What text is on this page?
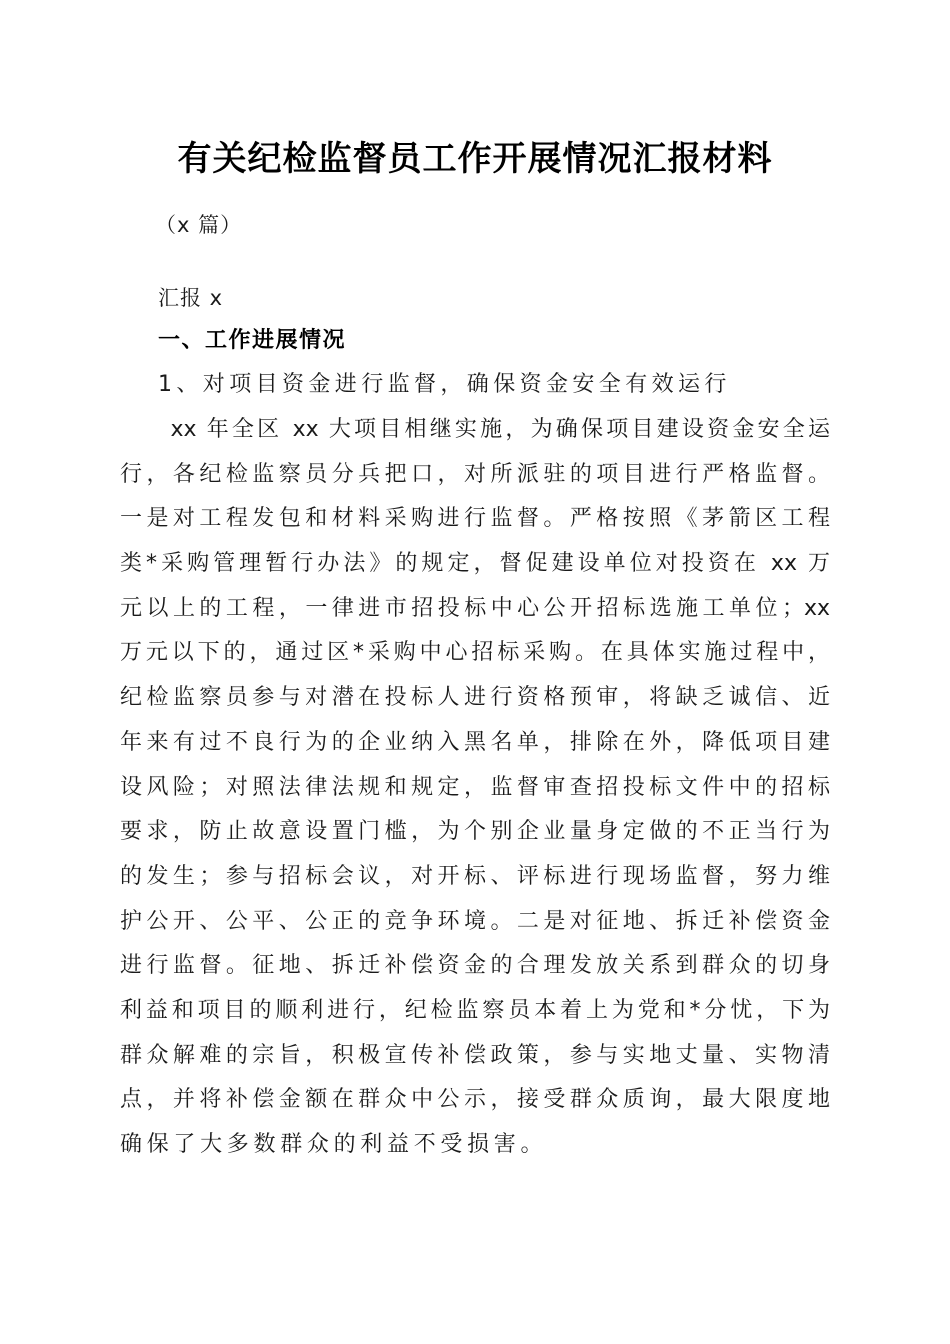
有关纪检监督员工作开展情况汇报材料
（x 篇）
汇报 x
一、工作进展情况
1、对项目资金进行监督，确保资金安全有效运行
　　xx 年全区 xx 大项目相继实施，为确保项目建设资金安全运
行，各纪检监察员分兵把口，对所派驻的项目进行严格监督。
一是对工程发包和材料采购进行监督。严格按照《茅箭区工程
类*采购管理暂行办法》的规定，督促建设单位对投资在 xx 万
元以上的工程，一律进市招投标中心公开招标选施工单位；xx
万元以下的，通过区*采购中心招标采购。在具体实施过程中，
纪检监察员参与对潜在投标人进行资格预审，将缺乏诚信、近
年来有过不良行为的企业纳入黑名单，排除在外，降低项目建
设风险；对照法律法规和规定，监督审查招投标文件中的招标
要求，防止故意设置门槛，为个别企业量身定做的不正当行为
的发生；参与招标会议，对开标、评标进行现场监督，努力维
护公开、公平、公正的竞争环境。二是对征地、拆迁补偿资金
进行监督。征地、拆迁补偿资金的合理发放关系到群众的切身
利益和项目的顺利进行，纪检监察员本着上为党和*分忧，下为
群众解难的宗旨，积极宣传补偿政策，参与实地丈量、实物清
点，并将补偿金额在群众中公示，接受群众质询，最大限度地
确保了大多数群众的利益不受损害。
